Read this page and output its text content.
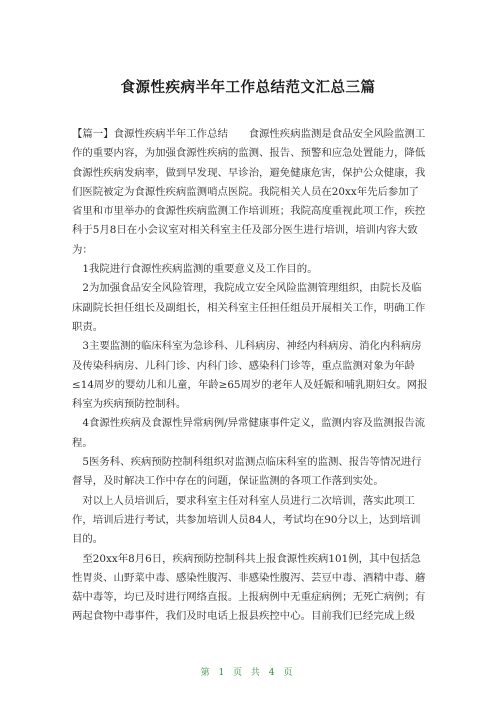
食源性疾病半年工作总结范文汇总三篇

【篇一】食源性疾病半年工作总结　　食源性疾病监测是食品安全风险监测工作的重要内容，为加强食源性疾病的监测、报告、预警和应急处置能力，降低食源性疾病发病率，做到早发现、早诊治，避免健康危害，保护公众健康，我们医院被定为食源性疾病监测哨点医院。我院相关人员在20xx年先后参加了省里和市里举办的食源性疾病监测工作培训班；我院高度重视此项工作，疾控科于5月8日在小会议室对相关科室主任及部分医生进行培训，培训内容大致为：

1我院进行食源性疾病监测的重要意义及工作目的。

2为加强食品安全风险管理，我院成立安全风险监测管理组织，由院长及临床副院长担任组长及副组长，相关科室主任担任组员开展相关工作，明确工作职责。

3主要监测的临床科室为急诊科、儿科病房、神经内科病房、消化内科病房及传染科病房、儿科门诊、内科门诊、感染科门诊等，重点监测对象为年龄≤14周岁的婴幼儿和儿童，年龄≥65周岁的老年人及妊娠和哺乳期妇女。网报科室为疾病预防控制科。

4食源性疾病及食源性异常病例/异常健康事件定义，监测内容及监测报告流程。

5医务科、疾病预防控制科组织对监测点临床科室的监测、报告等情况进行督导，及时解决工作中存在的问题，保证监测的各项工作落到实处。

对以上人员培训后，要求科室主任对科室人员进行二次培训，落实此项工作，培训后进行考试，共参加培训人员84人，考试均在90分以上，达到培训目的。

至20xx年8月6日，疾病预防控制科共上报食源性疾病101例，其中包括急性胃炎、山野菜中毒、感染性腹泻、非感染性腹泻、芸豆中毒、酒精中毒、蘑菇中毒等，均已及时进行网络直报。上报病例中无重症病例；无死亡病例；有两起食物中毒事件，我们及时电话上报县疾控中心。目前我们已经完成上级

第 1 页 共 4 页
